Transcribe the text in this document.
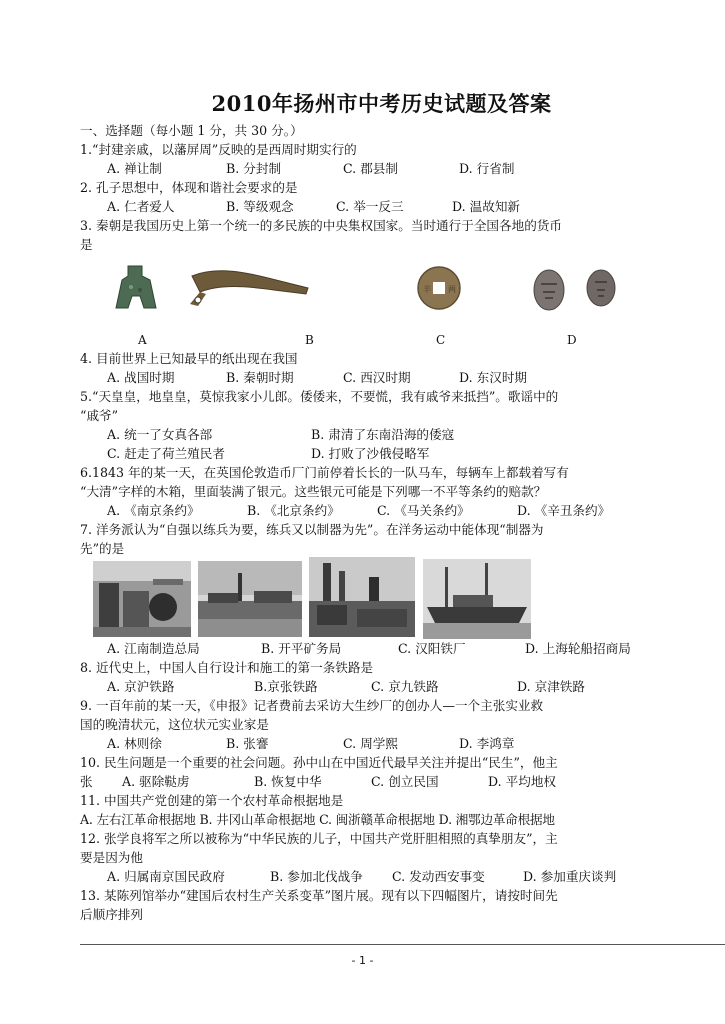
2010年扬州市中考历史试题及答案
一、选择题（每小题 1 分，共 30 分。）
1.“封建亲戚，以藩屏周”反映的是西周时期实行的
A. 禅让制	B. 分封制	C. 郡县制	D. 行省制
2. 孔子思想中，体现和谐社会要求的是
A. 仁者爱人	B. 等级观念	C. 举一反三	D. 温故知新
3. 秦朝是我国历史上第一个统一的多民族的中央集权国家。当时通行于全国各地的货币
是
半 两
A	B	C	D
4. 目前世界上已知最早的纸出现在我国
A. 战国时期	B. 秦朝时期	C. 西汉时期	D. 东汉时期
5.“天皇皇，地皇皇，莫惊我家小儿郎。倭倭来，不要慌，我有戚爷来抵挡”。歌谣中的
“戚爷”
A. 统一了女真各部	B. 肃清了东南沿海的倭寇
C. 赶走了荷兰殖民者	D. 打败了沙俄侵略军
6.1843 年的某一天，在英国伦敦造币厂门前停着长长的一队马车，每辆车上都载着写有
“大清”字样的木箱，里面装满了银元。这些银元可能是下列哪一不平等条约的赔款？
A. 《南京条约》	B. 《北京条约》	C. 《马关条约》	D. 《辛丑条约》
7. 洋务派认为“自强以练兵为要，练兵又以制器为先”。在洋务运动中能体现“制器为
先”的是
A. 江南制造总局	B. 开平矿务局	C. 汉阳铁厂	D. 上海轮船招商局
8. 近代史上，中国人自行设计和施工的第一条铁路是
A. 京沪铁路	B.京张铁路	C. 京九铁路	D. 京津铁路
9. 一百年前的某一天，《申报》记者费前去采访大生纱厂的创办人—一个主张实业救
国的晚清状元，这位状元实业家是
A. 林则徐	B. 张謇	C. 周学熙	D. 李鸿章
10. 民生问题是一个重要的社会问题。孙中山在中国近代最早关注并提出“民生”，他主
张 A. 驱除鞑虏	B. 恢复中华	C. 创立民国	D. 平均地权
11. 中国共产党创建的第一个农村革命根据地是
A. 左右江革命根据地 B. 井冈山革命根据地 C. 闽浙赣革命根据地 D. 湘鄂边革命根据地
12. 张学良将军之所以被称为“中华民族的儿子，中国共产党肝胆相照的真挚朋友”，主
要是因为他
A. 归属南京国民政府	B. 参加北伐战争 C. 发动西安事变	D. 参加重庆谈判
13. 某陈列馆举办“建国后农村生产关系变革”图片展。现有以下四幅图片，请按时间先
后顺序排列
- 1 -
